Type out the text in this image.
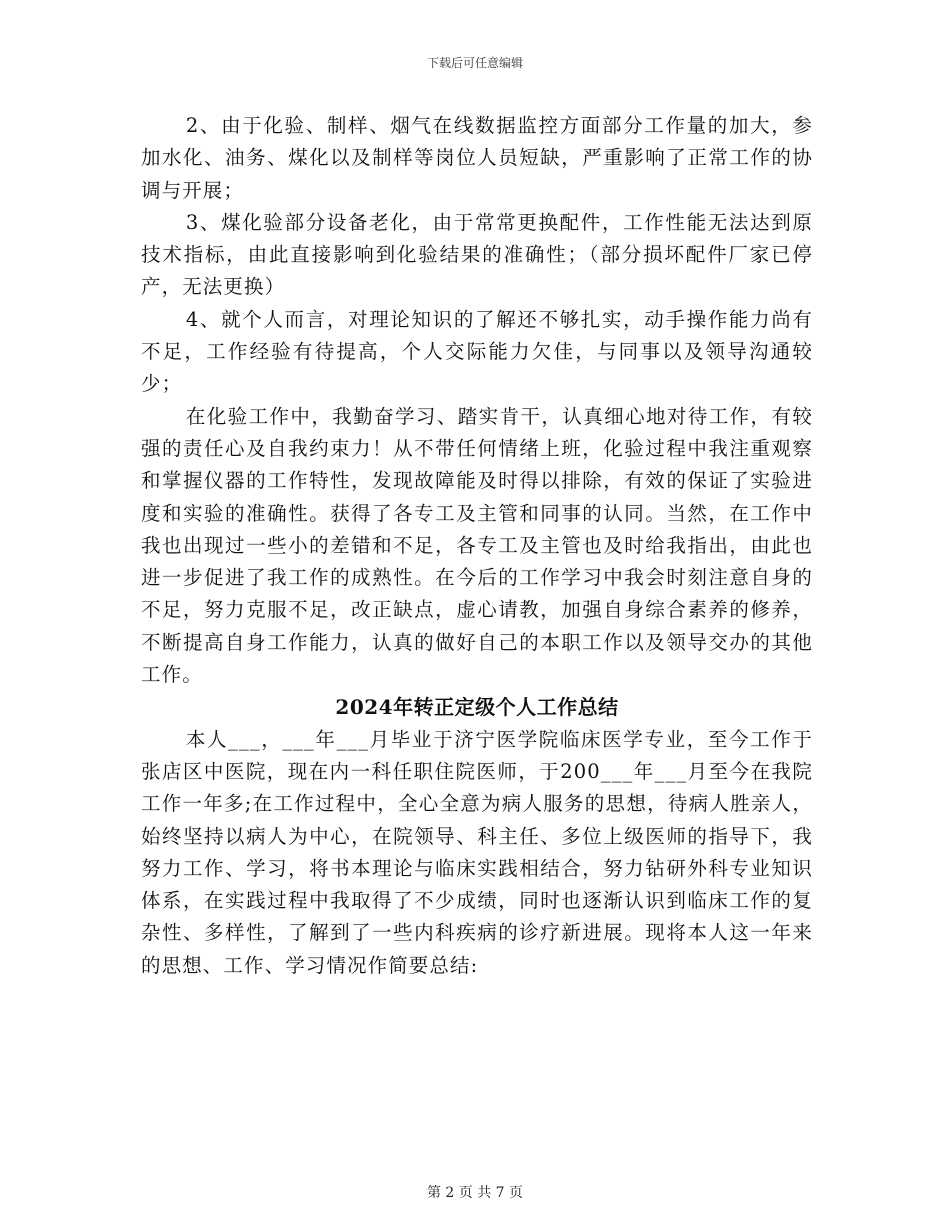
下载后可任意编辑

2、由于化验、制样、烟气在线数据监控方面部分工作量的加大，参加水化、油务、煤化以及制样等岗位人员短缺，严重影响了正常工作的协调与开展；

3、煤化验部分设备老化，由于常常更换配件，工作性能无法达到原技术指标，由此直接影响到化验结果的准确性；（部分损坏配件厂家已停产，无法更换）

4、就个人而言，对理论知识的了解还不够扎实，动手操作能力尚有不足，工作经验有待提高，个人交际能力欠佳，与同事以及领导沟通较少；

在化验工作中，我勤奋学习、踏实肯干，认真细心地对待工作，有较强的责任心及自我约束力！从不带任何情绪上班，化验过程中我注重观察和掌握仪器的工作特性，发现故障能及时得以排除，有效的保证了实验进度和实验的准确性。获得了各专工及主管和同事的认同。当然，在工作中我也出现过一些小的差错和不足，各专工及主管也及时给我指出，由此也进一步促进了我工作的成熟性。在今后的工作学习中我会时刻注意自身的不足，努力克服不足，改正缺点，虚心请教，加强自身综合素养的修养，不断提高自身工作能力，认真的做好自己的本职工作以及领导交办的其他工作。

2024年转正定级个人工作总结

本人___，___年___月毕业于济宁医学院临床医学专业，至今工作于张店区中医院，现在内一科任职住院医师，于200___年___月至今在我院工作一年多;在工作过程中，全心全意为病人服务的思想，待病人胜亲人，始终坚持以病人为中心，在院领导、科主任、多位上级医师的指导下，我努力工作、学习，将书本理论与临床实践相结合，努力钻研外科专业知识体系，在实践过程中我取得了不少成绩，同时也逐渐认识到临床工作的复杂性、多样性，了解到了一些内科疾病的诊疗新进展。现将本人这一年来的思想、工作、学习情况作简要总结:

第 2 页 共 7 页
